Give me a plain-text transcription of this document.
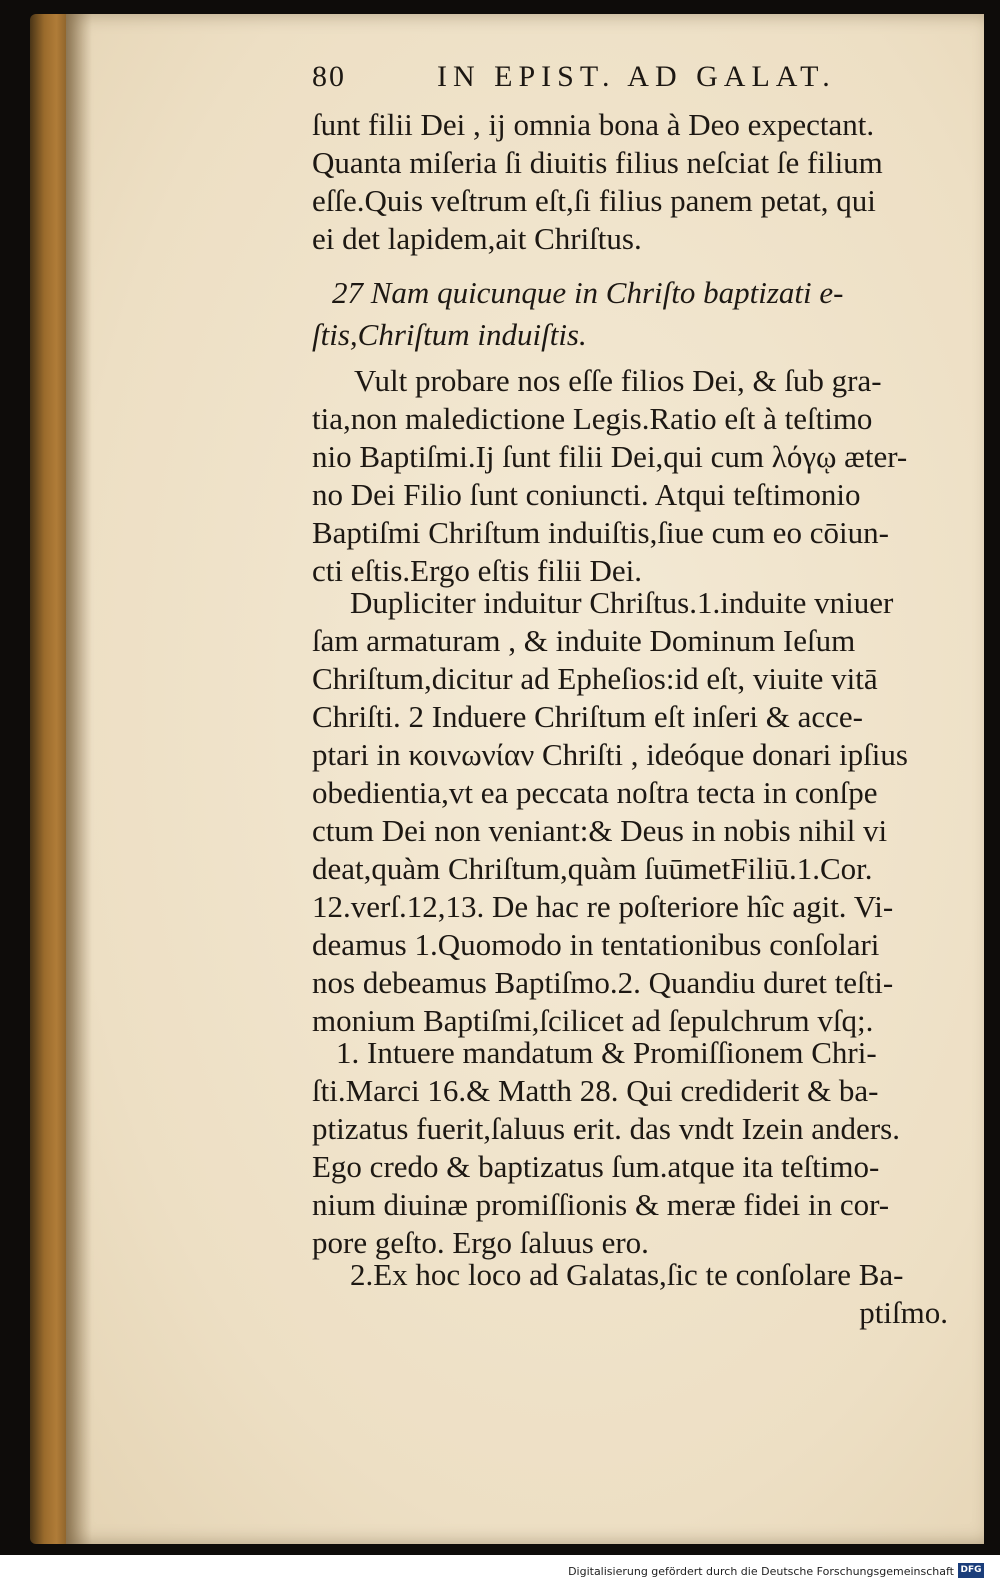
80	IN EPIST. AD GALAT.
ſunt filii Dei , ij omnia bona à Deo expectant.
Quanta miſeria ſi diuitis filius neſciat ſe filium
eſſe.Quis veſtrum eſt,ſi filius panem petat, qui
ei det lapidem,ait Chriſtus.
27 Nam quicunque in Chriſto baptizati e-
ſtis,Chriſtum induiſtis.
Vult probare nos eſſe filios Dei, & ſub gra-
tia,non maledictione Legis.Ratio eſt à teſtimo
nio Baptiſmi.Ij ſunt filii Dei,qui cum λόγῳ æter-
no Dei Filio ſunt coniuncti. Atqui teſtimonio
Baptiſmi Chriſtum induiſtis,ſiue cum eo cōiun-
cti eſtis.Ergo eſtis filii Dei.
Dupliciter induitur Chriſtus.1.induite vniuer
ſam armaturam , & induite Dominum Ieſum
Chriſtum,dicitur ad Epheſios:id eſt, viuite vitā
Chriſti. 2 Induere Chriſtum eſt inſeri & acce-
ptari in κοινωνίαν Chriſti , ideóque donari ipſius
obedientia,vt ea peccata noſtra tecta in conſpe
ctum Dei non veniant:& Deus in nobis nihil vi
deat,quàm Chriſtum,quàm ſuūmetFiliū.1.Cor.
12.verſ.12,13. De hac re poſteriore hîc agit. Vi-
deamus 1.Quomodo in tentationibus conſolari
nos debeamus Baptiſmo.2. Quandiu duret teſti-
monium Baptiſmi,ſcilicet ad ſepulchrum vſq;.
1. Intuere mandatum & Promiſſionem Chri-
ſti.Marci 16.& Matth 28. Qui crediderit & ba-
ptizatus fuerit,ſaluus erit. das vndt Izein anders.
Ego credo & baptizatus ſum.atque ita teſtimo-
nium diuinæ promiſſionis & meræ fidei in cor-
pore geſto. Ergo ſaluus ero.
2.Ex hoc loco ad Galatas,ſic te conſolare Ba-
ptiſmo.
Digitalisierung gefördert durch die Deutsche Forschungsgemeinschaft DFG
